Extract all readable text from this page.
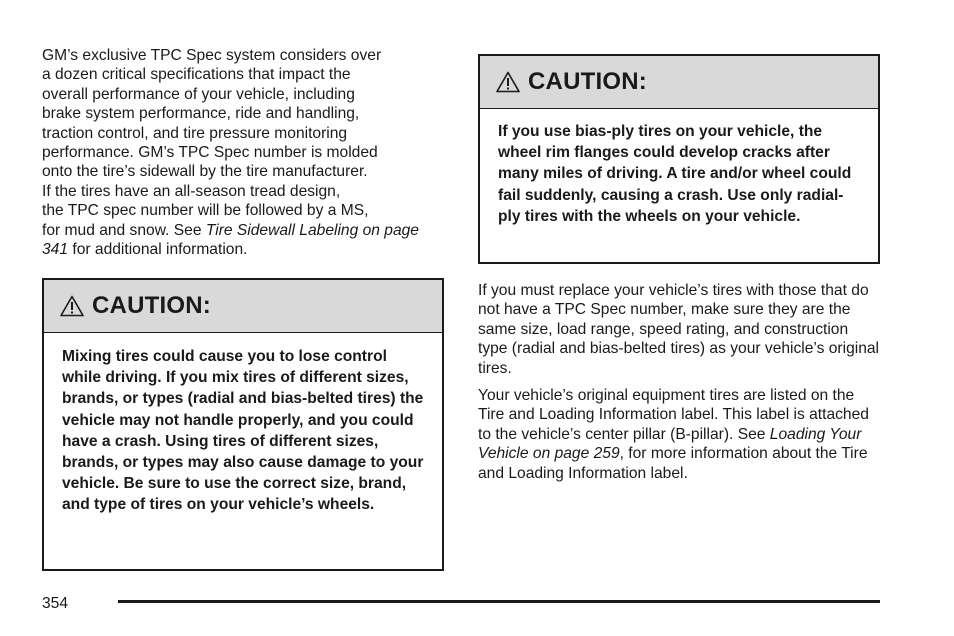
GM’s exclusive TPC Spec system considers over
a dozen critical specifications that impact the
overall performance of your vehicle, including
brake system performance, ride and handling,
traction control, and tire pressure monitoring
performance. GM’s TPC Spec number is molded
onto the tire’s sidewall by the tire manufacturer.
If the tires have an all-season tread design,
the TPC spec number will be followed by a MS,
for mud and snow. See Tire Sidewall Labeling on page 341 for additional information.

CAUTION:

Mixing tires could cause you to lose control while driving. If you mix tires of different sizes, brands, or types (radial and bias-belted tires) the vehicle may not handle properly, and you could have a crash. Using tires of different sizes, brands, or types may also cause damage to your vehicle. Be sure to use the correct size, brand, and type of tires on your vehicle’s wheels.

CAUTION:

If you use bias-ply tires on your vehicle, the wheel rim flanges could develop cracks after many miles of driving. A tire and/or wheel could fail suddenly, causing a crash. Use only radial-ply tires with the wheels on your vehicle.

If you must replace your vehicle’s tires with those that do not have a TPC Spec number, make sure they are the same size, load range, speed rating, and construction type (radial and bias-belted tires) as your vehicle’s original tires.

Your vehicle’s original equipment tires are listed on the Tire and Loading Information label. This label is attached to the vehicle’s center pillar (B-pillar). See Loading Your Vehicle on page 259, for more information about the Tire and Loading Information label.

354
